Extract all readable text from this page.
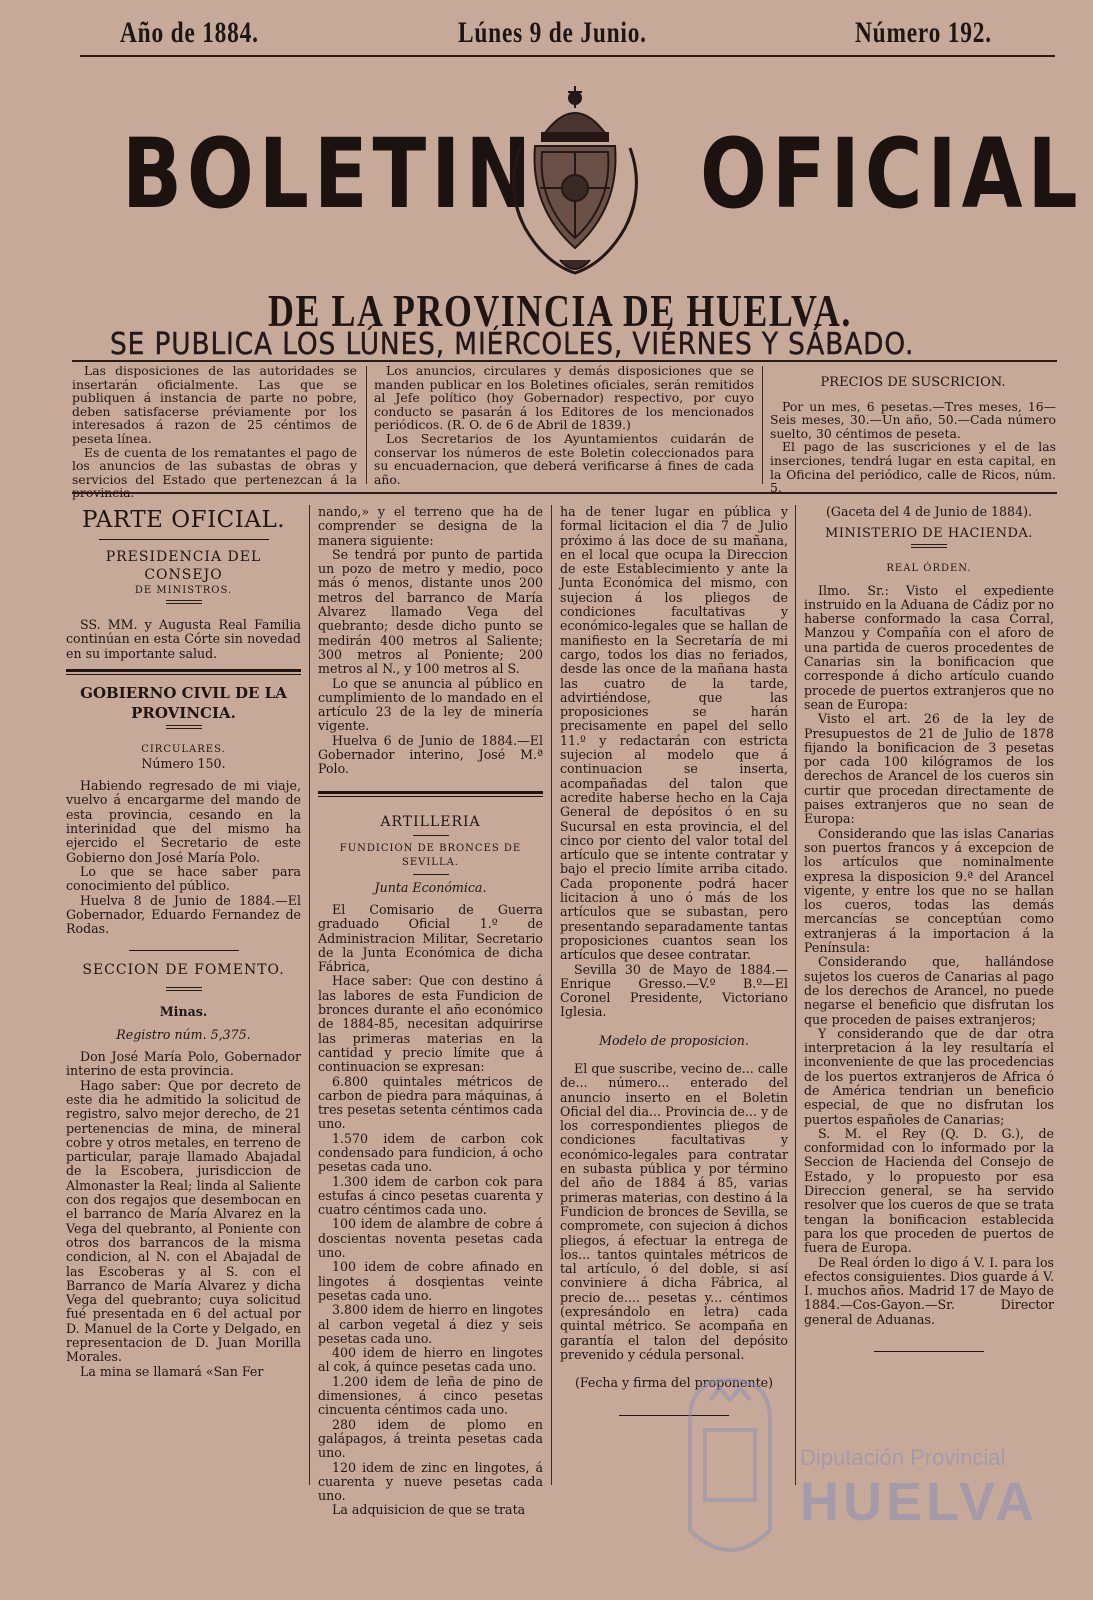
Año de 1884.	Lúnes 9 de Junio.	Número 192.
BOLETIN OFICIAL
DE LA PROVINCIA DE HUELVA.
SE PUBLICA LOS LÚNES, MIÉRCOLES, VIÉRNES Y SÁBADO.

Las disposiciones de las autoridades se insertarán oficialmente. Las que se publiquen á instancia de parte no pobre, deben satisfacerse préviamente por los interesados á razon de 25 céntimos de peseta línea.

Es de cuenta de los rematantes el pago de los anuncios de las subastas de obras y servicios del Estado que pertenezcan á la provincia.

Los anuncios, circulares y demás disposiciones que se manden publicar en los Boletines oficiales, serán remitidos al Jefe político (hoy Gobernador) respectivo, por cuyo conducto se pasarán á los Editores de los mencionados periódicos. (R. O. de 6 de Abril de 1839.)

Los Secretarios de los Ayuntamientos cuidarán de conservar los números de este Boletin coleccionados para su encuadernacion, que deberá verificarse á fines de cada año.

PRECIOS DE SUSCRICION.

Por un mes, 6 pesetas.—Tres meses, 16—Seis meses, 30.—Un año, 50.—Cada número suelto, 30 céntimos de peseta.

El pago de las suscriciones y el de las inserciones, tendrá lugar en esta capital, en la Oficina del periódico, calle de Ricos, núm. 5.

PARTE OFICIAL.
PRESIDENCIA DEL CONSEJO
DE MINISTROS.

SS. MM. y Augusta Real Familia continúan en esta Córte sin novedad en su importante salud.

GOBIERNO CIVIL DE LA PROVINCIA.
CIRCULARES.
Número 150.

Habiendo regresado de mi viaje, vuelvo á encargarme del mando de esta provincia, cesando en la interinidad que del mismo ha ejercido el Secretario de este Gobierno don José María Polo.

Lo que se hace saber para conocimiento del público.

Huelva 8 de Junio de 1884.—El Gobernador, Eduardo Fernandez de Rodas.

SECCION DE FOMENTO.
Minas.
Registro núm. 5,375.

Don José María Polo, Gobernador interino de esta provincia.

Hago saber: Que por decreto de este dia he admitido la solicitud de registro, salvo mejor derecho, de 21 pertenencias de mina, de mineral cobre y otros metales, en terreno de particular, paraje llamado Abajadal de la Escobera, jurisdiccion de Almonaster la Real; linda al Saliente con dos regajos que desembocan en el barranco de María Alvarez en la Vega del quebranto, al Poniente con otros dos barrancos de la misma condicion, al N. con el Abajadal de las Escoberas y al S. con el Barranco de María Alvarez y dicha Vega del quebranto; cuya solicitud fué presentada en 6 del actual por D. Manuel de la Corte y Delgado, en representacion de D. Juan Morilla Morales.

La mina se llamará «San Fer

nando,» y el terreno que ha de comprender se designa de la manera siguiente:

Se tendrá por punto de partida un pozo de metro y medio, poco más ó menos, distante unos 200 metros del barranco de María Alvarez llamado Vega del quebranto; desde dicho punto se medirán 400 metros al Saliente; 300 metros al Poniente; 200 metros al N., y 100 metros al S.

Lo que se anuncia al público en cumplimiento de lo mandado en el artículo 23 de la ley de minería vigente.

Huelva 6 de Junio de 1884.—El Gobernador interino, José M.ª Polo.

ARTILLERIA
FUNDICION DE BRONCES DE SEVILLA.
Junta Económica.

El Comisario de Guerra graduado Oficial 1.º de Administracion Militar, Secretario de la Junta Económica de dicha Fábrica,

Hace saber: Que con destino á las labores de esta Fundicion de bronces durante el año económico de 1884-85, necesitan adquirirse las primeras materias en la cantidad y precio límite que á continuacion se expresan:

6.800 quintales métricos de carbon de piedra para máquinas, á tres pesetas setenta céntimos cada uno.

1.570 idem de carbon cok condensado para fundicion, á ocho pesetas cada uno.

1.300 idem de carbon cok para estufas á cinco pesetas cuarenta y cuatro céntimos cada uno.

100 idem de alambre de cobre á doscientas noventa pesetas cada uno.

100 idem de cobre afinado en lingotes á dosqientas veinte pesetas cada uno.

3.800 idem de hierro en lingotes al carbon vegetal á diez y seis pesetas cada uno.

400 idem de hierro en lingotes al cok, á quince pesetas cada uno.

1.200 idem de leña de pino de dimensiones, á cinco pesetas cincuenta céntimos cada uno.

280 idem de plomo en galápagos, á treinta pesetas cada uno.

120 idem de zinc en lingotes, á cuarenta y nueve pesetas cada uno.

La adquisicion de que se trata

ha de tener lugar en pública y formal licitacion el dia 7 de Julio próximo á las doce de su mañana, en el local que ocupa la Direccion de este Establecimiento y ante la Junta Económica del mismo, con sujecion á los pliegos de condiciones facultativas y económico-legales que se hallan de manifiesto en la Secretaría de mi cargo, todos los dias no feriados, desde las once de la mañana hasta las cuatro de la tarde, advirtiéndose, que las proposiciones se harán precisamente en papel del sello 11.º y redactarán con estricta sujecion al modelo que á continuacion se inserta, acompañadas del talon que acredite haberse hecho en la Caja General de depósitos ó en su Sucursal en esta provincia, el del cinco por ciento del valor total del artículo que se intente contratar y bajo el precio límite arriba citado. Cada proponente podrá hacer licitacion á uno ó más de los artículos que se subastan, pero presentando separadamente tantas proposiciones cuantos sean los artículos que desee contratar.

Sevilla 30 de Mayo de 1884.—Enrique Gresso.—V.º B.º—El Coronel Presidente, Victoriano Iglesia.

Modelo de proposicion.

El que suscribe, vecino de... calle de... número... enterado del anuncio inserto en el Boletin Oficial del dia... Provincia de... y de los correspondientes pliegos de condiciones facultativas y económico-legales para contratar en subasta pública y por término del año de 1884 á 85, varias primeras materias, con destino á la Fundicion de bronces de Sevilla, se compromete, con sujecion á dichos pliegos, á efectuar la entrega de los... tantos quintales métricos de tal artículo, ó del doble, si así conviniere á dicha Fábrica, al precio de.... pesetas y... céntimos (expresándolo en letra) cada quintal métrico. Se acompaña en garantía el talon del depósito prevenido y cédula personal.

(Fecha y firma del proponente)
(Gaceta del 4 de Junio de 1884).
MINISTERIO DE HACIENDA.
REAL ÓRDEN.

Ilmo. Sr.: Visto el expediente instruido en la Aduana de Cádiz por no haberse conformado la casa Corral, Manzou y Compañía con el aforo de una partida de cueros procedentes de Canarias sin la bonificacion que corresponde á dicho artículo cuando procede de puertos extranjeros que no sean de Europa:

Visto el art. 26 de la ley de Presupuestos de 21 de Julio de 1878 fijando la bonificacion de 3 pesetas por cada 100 kilógramos de los derechos de Arancel de los cueros sin curtir que procedan directamente de paises extranjeros que no sean de Europa:

Considerando que las islas Canarias son puertos francos y á excepcion de los artículos que nominalmente expresa la disposicion 9.ª del Arancel vigente, y entre los que no se hallan los cueros, todas las demás mercancías se conceptúan como extranjeras á la importacion á la Península:

Considerando que, hallándose sujetos los cueros de Canarias al pago de los derechos de Arancel, no puede negarse el beneficio que disfrutan los que proceden de paises extranjeros;

Y considerando que de dar otra interpretacion á la ley resultaría el inconveniente de que las procedencias de los puertos extranjeros de Africa ó de América tendrian un beneficio especial, de que no disfrutan los puertos españoles de Canarias;

S. M. el Rey (Q. D. G.), de conformidad con lo informado por la Seccion de Hacienda del Consejo de Estado, y lo propuesto por esa Direccion general, se ha servido resolver que los cueros de que se trata tengan la bonificacion establecida para los que proceden de puertos de fuera de Europa.

De Real órden lo digo á V. I. para los efectos consiguientes. Dios guarde á V. I. muchos años. Madrid 17 de Mayo de 1884.—Cos-Gayon.—Sr. Director general de Aduanas.

Diputación Provincial
HUELVA
